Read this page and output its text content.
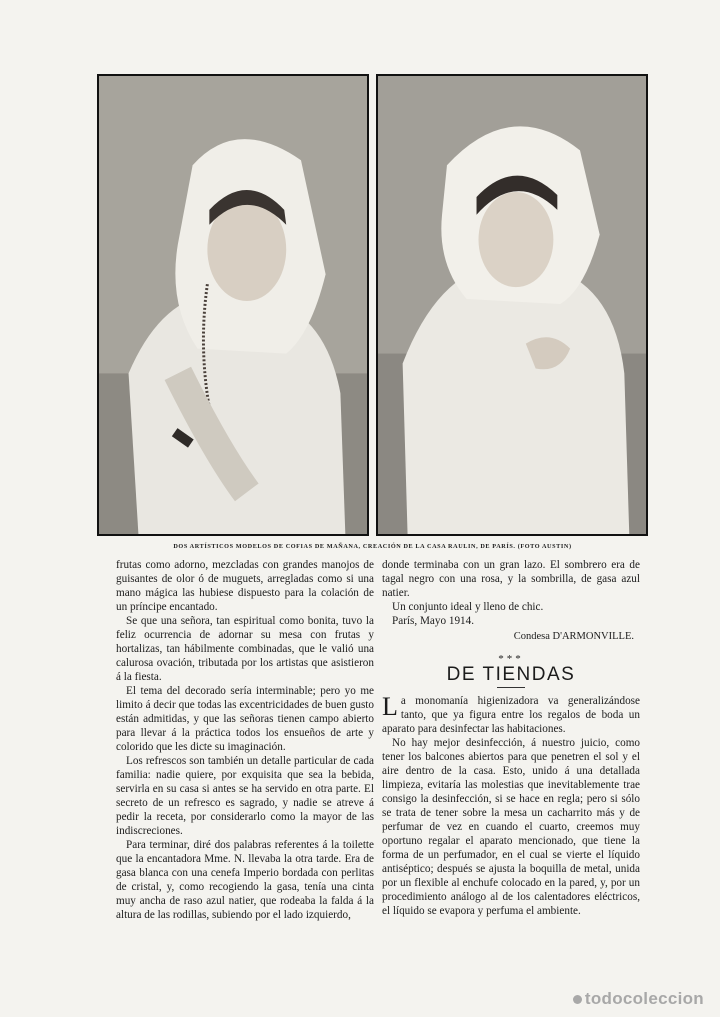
DOS ARTÍSTICOS MODELOS DE COFIAS DE MAÑANA, CREACIÓN DE LA CASA RAULIN, DE PARÍS. (FOTO AUSTIN)

frutas como adorno, mezcladas con grandes manojos de guisantes de olor ó de muguets, arregladas como si una mano mágica las hubiese dispuesto para la colación de un príncipe encantado.

Se que una señora, tan espiritual como bonita, tuvo la feliz ocurrencia de adornar su mesa con frutas y hortalizas, tan hábilmente combinadas, que le valió una calurosa ovación, tributada por los artistas que asistieron á la fiesta.

El tema del decorado sería interminable; pero yo me limito á decir que todas las excentricidades de buen gusto están admitidas, y que las señoras tienen campo abierto para llevar á la práctica todos los ensueños de arte y colorido que les dicte su imaginación.

Los refrescos son también un detalle particular de cada familia: nadie quiere, por exquisita que sea la bebida, servirla en su casa si antes se ha servido en otra parte. El secreto de un refresco es sagrado, y nadie se atreve á pedir la receta, por considerarlo como la mayor de las indiscreciones.

Para terminar, diré dos palabras referentes á la toilette que la encantadora Mme. N. llevaba la otra tarde. Era de gasa blanca con una cenefa Imperio bordada con perlitas de cristal, y, como recogiendo la gasa, tenía una cinta muy ancha de raso azul natier, que rodeaba la falda á la altura de las rodillas, subiendo por el lado izquierdo,

donde terminaba con un gran lazo. El sombrero era de tagal negro con una rosa, y la sombrilla, de gasa azul natier.

Un conjunto ideal y lleno de chic.

París, Mayo 1914.

Condesa D'ARMONVILLE.
***
DE TIENDAS

La monomanía higienizadora va generalizándose tanto, que ya figura entre los regalos de boda un aparato para desinfectar las habitaciones.

No hay mejor desinfección, á nuestro juicio, como tener los balcones abiertos para que penetren el sol y el aire dentro de la casa. Esto, unido á una detallada limpieza, evitaría las molestias que inevitablemente trae consigo la desinfección, si se hace en regla; pero si sólo se trata de tener sobre la mesa un cacharrito más y de perfumar de vez en cuando el cuarto, creemos muy oportuno regalar el aparato mencionado, que tiene la forma de un perfumador, en el cual se vierte el líquido antiséptico; después se ajusta la boquilla de metal, unida por un flexible al enchufe colocado en la pared, y, por un procedimiento análogo al de los calentadores eléctricos, el líquido se evapora y perfuma el ambiente.

todocoleccion
